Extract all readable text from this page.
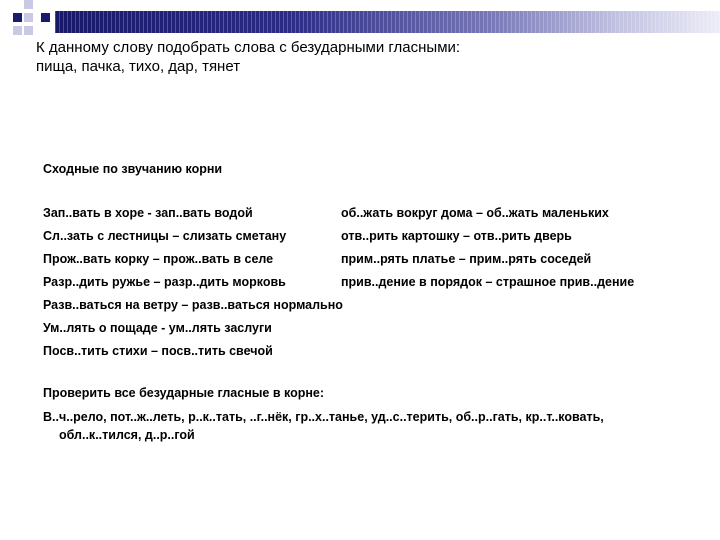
К данному слову подобрать слова с безударными гласными:
пища, пачка, тихо, дар, тянет
Сходные по звучанию корни
Зап..вать в хоре - зап..вать водой	об..жать вокруг дома – об..жать маленьких
Сл..зать с лестницы – слизать сметану	отв..рить картошку – отв..рить дверь
Прож..вать корку – прож..вать в селе	прим..рять платье – прим..рять соседей
Разр..дить ружье – разр..дить морковь	прив..дение в порядок – страшное прив..дение
Разв..ваться на ветру – разв..ваться нормально
Ум..лять о пощаде - ум..лять заслуги
Посв..тить стихи – посв..тить свечой
Проверить все безударные гласные в корне:
В..ч..рело, пот..ж..леть, р..к..тать, ..г..нёк, гр..х..танье, уд..с..терить, об..р..гать, кр..т..ковать,
обл..к..тился, д..р..гой
